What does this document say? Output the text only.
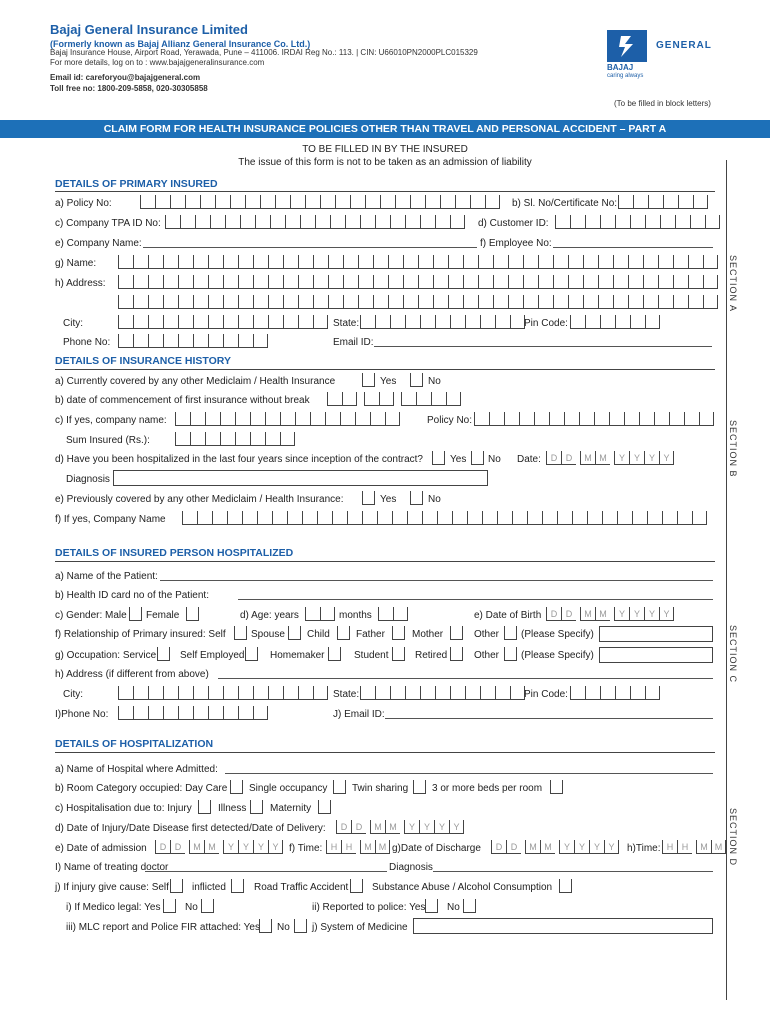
Bajaj General Insurance Limited
(Formerly known as Bajaj Allianz General Insurance Co. Ltd.)
Bajaj Insurance House, Airport Road, Yerawada, Pune – 411006. IRDAI Reg No.: 113. | CIN: U66010PN2000PLC015329
For more details, log on to : www.bajajgeneralinsurance.com
Email id: careforyou@bajajgeneral.com
Toll free no: 1800-209-5858, 020-30305858
BAJAJ
GENERAL
caring always
(To be filled in block letters)
CLAIM FORM FOR HEALTH INSURANCE POLICIES OTHER THAN TRAVEL AND PERSONAL ACCIDENT – PART A
TO BE FILLED IN BY THE INSURED
The issue of this form is not to be taken as an admission of liability
SECTION A
SECTION B
SECTION C
SECTION D
DETAILS OF PRIMARY INSURED
a) Policy No:	b) Sl. No/Certificate No:
c) Company TPA ID No:	d) Customer ID:
e) Company Name:	f) Employee No:
g) Name:
h) Address:
City:	State:	Pin Code:
Phone No:	Email ID:
DETAILS OF INSURANCE HISTORY
a) Currently covered by any other Mediclaim / Health Insurance	Yes	No
b) date of commencement of first insurance without break
c) If yes, company name:	Policy No:
Sum Insured (Rs.):
d) Have you been hospitalized in the last four years since inception of the contract?	Yes No Date:	D D	M M	Y Y Y Y
Diagnosis
e) Previously covered by any other Mediclaim / Health Insurance:	Yes	No
f) If yes, Company Name
DETAILS OF INSURED PERSON HOSPITALIZED
a) Name of the Patient:
b) Health ID card no of the Patient:
c) Gender: Male Female	d) Age: years	months	e) Date of Birth	D D	M M	Y Y Y Y
f) Relationship of Primary insured: Self	Spouse Child	Father	Mother	Other (Please Specify)
g) Occupation: Service Self Employed	Homemaker	Student	Retired	Other (Please Specify)
h) Address (if different from above)
City:	State:	Pin Code:
I)Phone No:	J) Email ID:
DETAILS OF HOSPITALIZATION
a) Name of Hospital where Admitted:
b) Room Category occupied: Day Care Single occupancy Twin sharing 3 or more beds per room
c) Hospitalisation due to: Injury	Illness Maternity
d) Date of Injury/Date Disease first detected/Date of Delivery:	D D	M M	Y Y Y Y
e) Date of admission	D D	M M	Y Y Y Y	f) Time: H H	M M g)Date of Discharge	D D	M M	Y Y Y Y	h)Time: H H	M M
I) Name of treating doctor	Diagnosis
j) If injury give cause: Self inflicted	Road Traffic Accident Substance Abuse / Alcohol Consumption
i) If Medico legal: Yes No	ii) Reported to police: Yes No
iii) MLC report and Police FIR attached: Yes No j) System of Medicine
